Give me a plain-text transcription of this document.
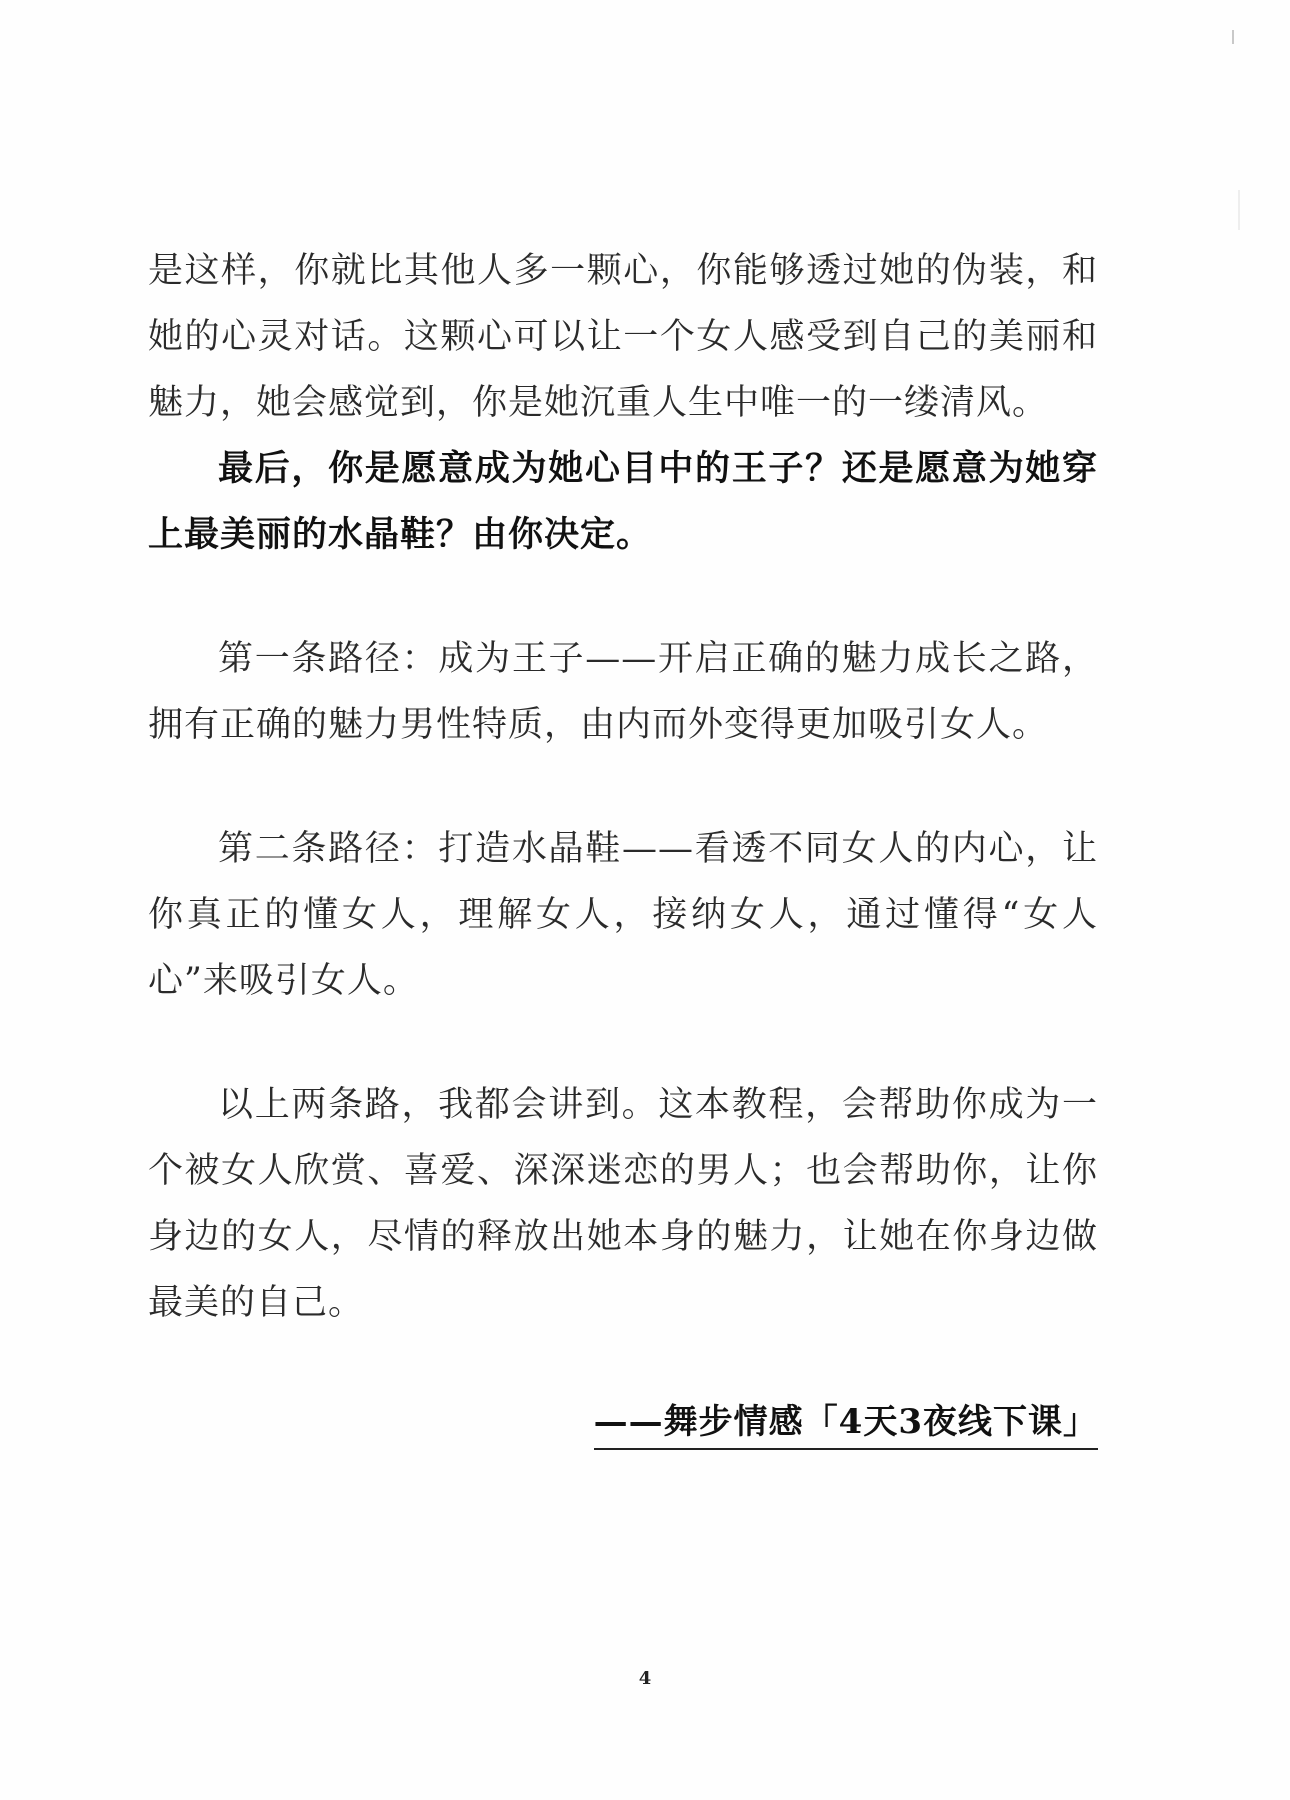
是这样，你就比其他人多一颗心，你能够透过她的伪装，和她的心灵对话。这颗心可以让一个女人感受到自己的美丽和魅力，她会感觉到，你是她沉重人生中唯一的一缕清风。

最后，你是愿意成为她心目中的王子？还是愿意为她穿上最美丽的水晶鞋？由你决定。

第一条路径：成为王子——开启正确的魅力成长之路，拥有正确的魅力男性特质，由内而外变得更加吸引女人。

第二条路径：打造水晶鞋——看透不同女人的内心，让你真正的懂女人，理解女人，接纳女人，通过懂得“女人心”来吸引女人。

以上两条路，我都会讲到。这本教程，会帮助你成为一个被女人欣赏、喜爱、深深迷恋的男人；也会帮助你，让你身边的女人，尽情的释放出她本身的魅力，让她在你身边做最美的自己。

——舞步情感「4天3夜线下课」
4
